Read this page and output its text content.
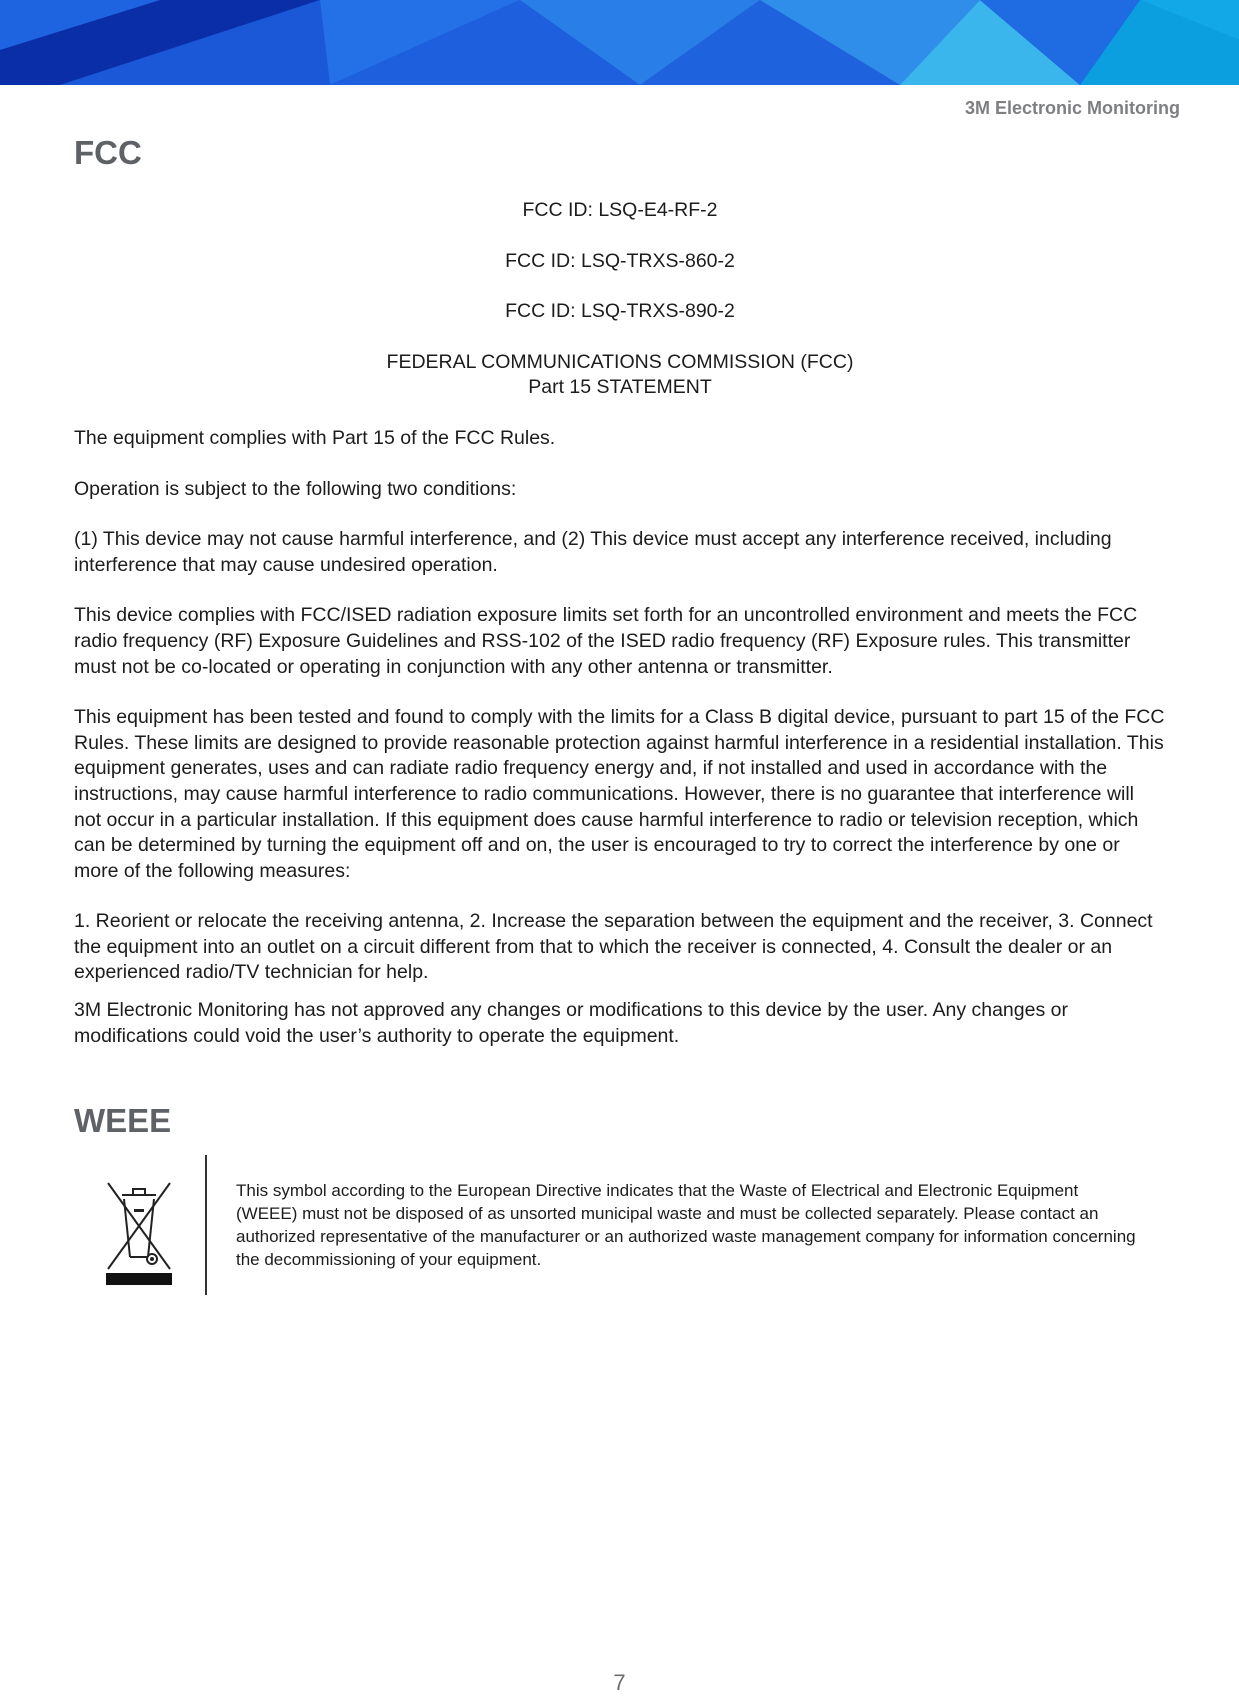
3M Electronic Monitoring
FCC

FCC ID: LSQ-E4-RF-2

FCC ID: LSQ-TRXS-860-2

FCC ID: LSQ-TRXS-890-2

FEDERAL COMMUNICATIONS COMMISSION (FCC)
Part 15 STATEMENT

The equipment complies with Part 15 of the FCC Rules.

Operation is subject to the following two conditions:

(1) This device may not cause harmful interference, and (2) This device must accept any interference received, including interference that may cause undesired operation.

This device complies with FCC/ISED radiation exposure limits set forth for an uncontrolled environment and meets the FCC radio frequency (RF) Exposure Guidelines and RSS-102 of the ISED radio frequency (RF) Exposure rules. This transmitter must not be co-located or operating in conjunction with any other antenna or transmitter.

This equipment has been tested and found to comply with the limits for a Class B digital device, pursuant to part 15 of the FCC Rules. These limits are designed to provide reasonable protection against harmful interference in a residential installation. This equipment generates, uses and can radiate radio frequency energy and, if not installed and used in accordance with the instructions, may cause harmful interference to radio communications. However, there is no guarantee that interference will not occur in a particular installation. If this equipment does cause harmful interference to radio or television reception, which can be determined by turning the equipment off and on, the user is encouraged to try to correct the interference by one or more of the following measures:

1. Reorient or relocate the receiving antenna, 2. Increase the separation between the equipment and the receiver, 3. Connect the equipment into an outlet on a circuit different from that to which the receiver is connected, 4. Consult the dealer or an experienced radio/TV technician for help.

3M Electronic Monitoring has not approved any changes or modifications to this device by the user. Any changes or modifications could void the user’s authority to operate the equipment.

WEEE

This symbol according to the European Directive indicates that the Waste of Electrical and Electronic Equipment (WEEE) must not be disposed of as unsorted municipal waste and must be collected separately. Please contact an authorized representative of the manufacturer or an authorized waste management company for information concerning the decommissioning of your equipment.

7
